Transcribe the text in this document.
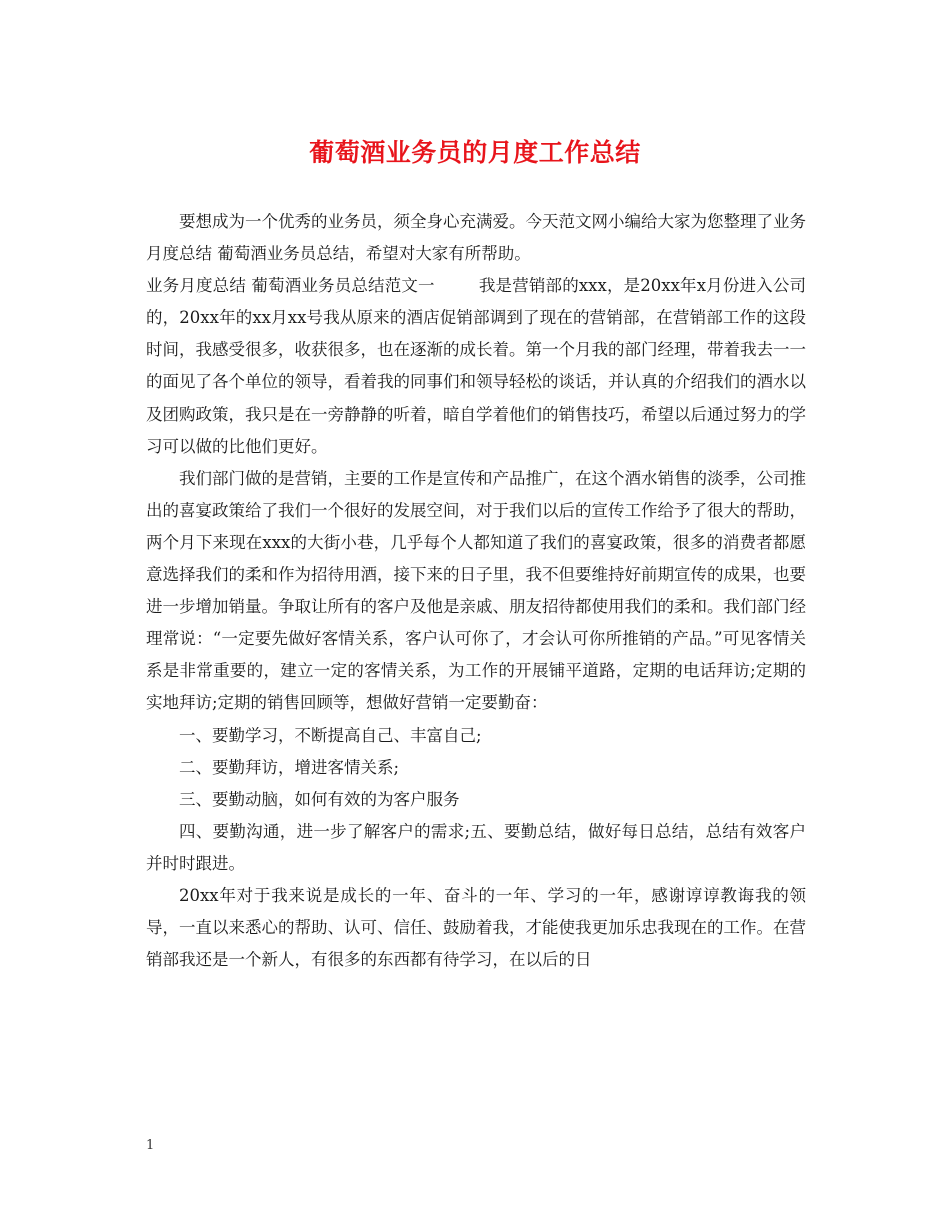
葡萄酒业务员的月度工作总结

要想成为一个优秀的业务员，须全身心充满爱。今天范文网小编给大家为您整理了业务月度总结 葡萄酒业务员总结，希望对大家有所帮助。

业务月度总结 葡萄酒业务员总结范文一	我是营销部的xxx，是20xx年x月份进入公司的，20xx年的xx月xx号我从原来的酒店促销部调到了现在的营销部，在营销部工作的这段时间，我感受很多，收获很多，也在逐渐的成长着。第一个月我的部门经理，带着我去一一的面见了各个单位的领导，看着我的同事们和领导轻松的谈话，并认真的介绍我们的酒水以及团购政策，我只是在一旁静静的听着，暗自学着他们的销售技巧，希望以后通过努力的学习可以做的比他们更好。

我们部门做的是营销，主要的工作是宣传和产品推广，在这个酒水销售的淡季，公司推出的喜宴政策给了我们一个很好的发展空间，对于我们以后的宣传工作给予了很大的帮助，两个月下来现在xxx的大街小巷，几乎每个人都知道了我们的喜宴政策，很多的消费者都愿意选择我们的柔和作为招待用酒，接下来的日子里，我不但要维持好前期宣传的成果，也要进一步增加销量。争取让所有的客户及他是亲戚、朋友招待都使用我们的柔和。我们部门经理常说：“一定要先做好客情关系，客户认可你了，才会认可你所推销的产品。”可见客情关系是非常重要的，建立一定的客情关系，为工作的开展铺平道路，定期的电话拜访;定期的实地拜访;定期的销售回顾等，想做好营销一定要勤奋：

一、要勤学习，不断提高自己、丰富自己;

二、要勤拜访，增进客情关系;

三、要勤动脑，如何有效的为客户服务

四、要勤沟通，进一步了解客户的需求;五、要勤总结，做好每日总结，总结有效客户并时时跟进。

20xx年对于我来说是成长的一年、奋斗的一年、学习的一年，感谢谆谆教诲我的领导，一直以来悉心的帮助、认可、信任、鼓励着我，才能使我更加乐忠我现在的工作。在营销部我还是一个新人，有很多的东西都有待学习，在以后的日

1
